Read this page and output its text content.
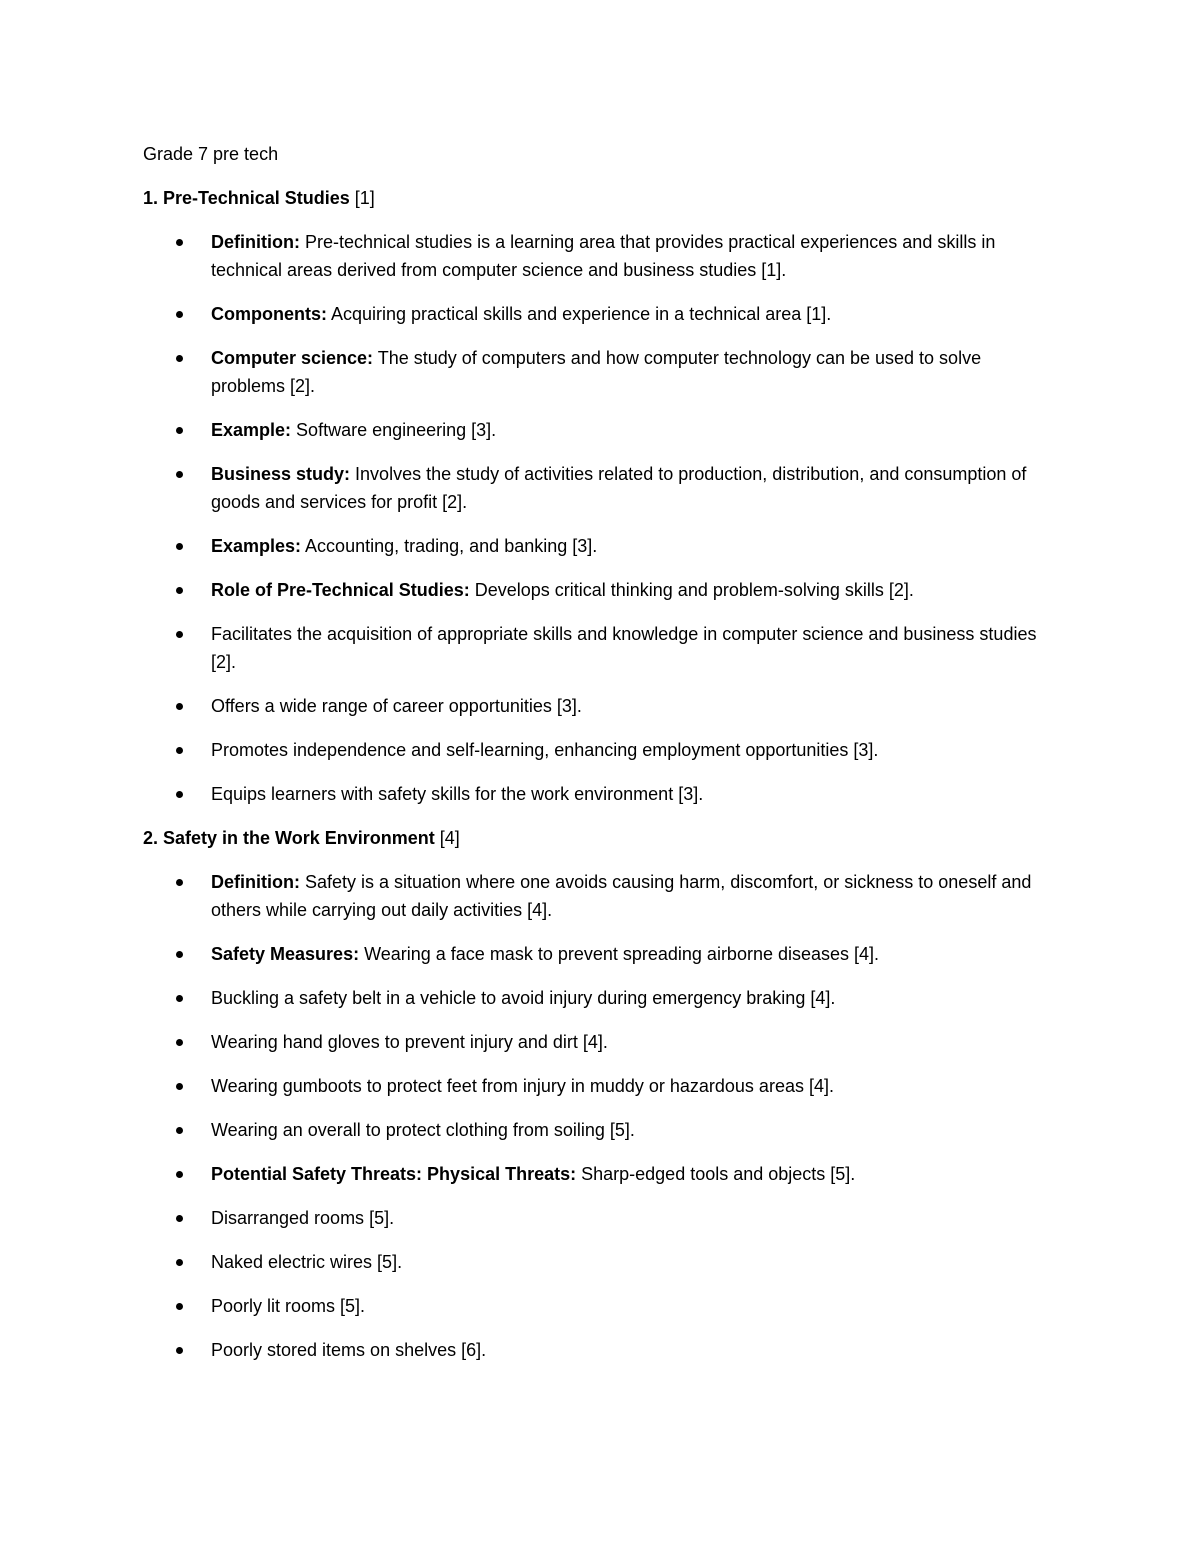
Grade 7 pre tech
1. Pre-Technical Studies [1]
Definition: Pre-technical studies is a learning area that provides practical experiences and skills in technical areas derived from computer science and business studies [1].
Components: Acquiring practical skills and experience in a technical area [1].
Computer science: The study of computers and how computer technology can be used to solve problems [2].
Example: Software engineering [3].
Business study: Involves the study of activities related to production, distribution, and consumption of goods and services for profit [2].
Examples: Accounting, trading, and banking [3].
Role of Pre-Technical Studies: Develops critical thinking and problem-solving skills [2].
Facilitates the acquisition of appropriate skills and knowledge in computer science and business studies [2].
Offers a wide range of career opportunities [3].
Promotes independence and self-learning, enhancing employment opportunities [3].
Equips learners with safety skills for the work environment [3].
2. Safety in the Work Environment [4]
Definition: Safety is a situation where one avoids causing harm, discomfort, or sickness to oneself and others while carrying out daily activities [4].
Safety Measures: Wearing a face mask to prevent spreading airborne diseases [4].
Buckling a safety belt in a vehicle to avoid injury during emergency braking [4].
Wearing hand gloves to prevent injury and dirt [4].
Wearing gumboots to protect feet from injury in muddy or hazardous areas [4].
Wearing an overall to protect clothing from soiling [5].
Potential Safety Threats: Physical Threats: Sharp-edged tools and objects [5].
Disarranged rooms [5].
Naked electric wires [5].
Poorly lit rooms [5].
Poorly stored items on shelves [6].
